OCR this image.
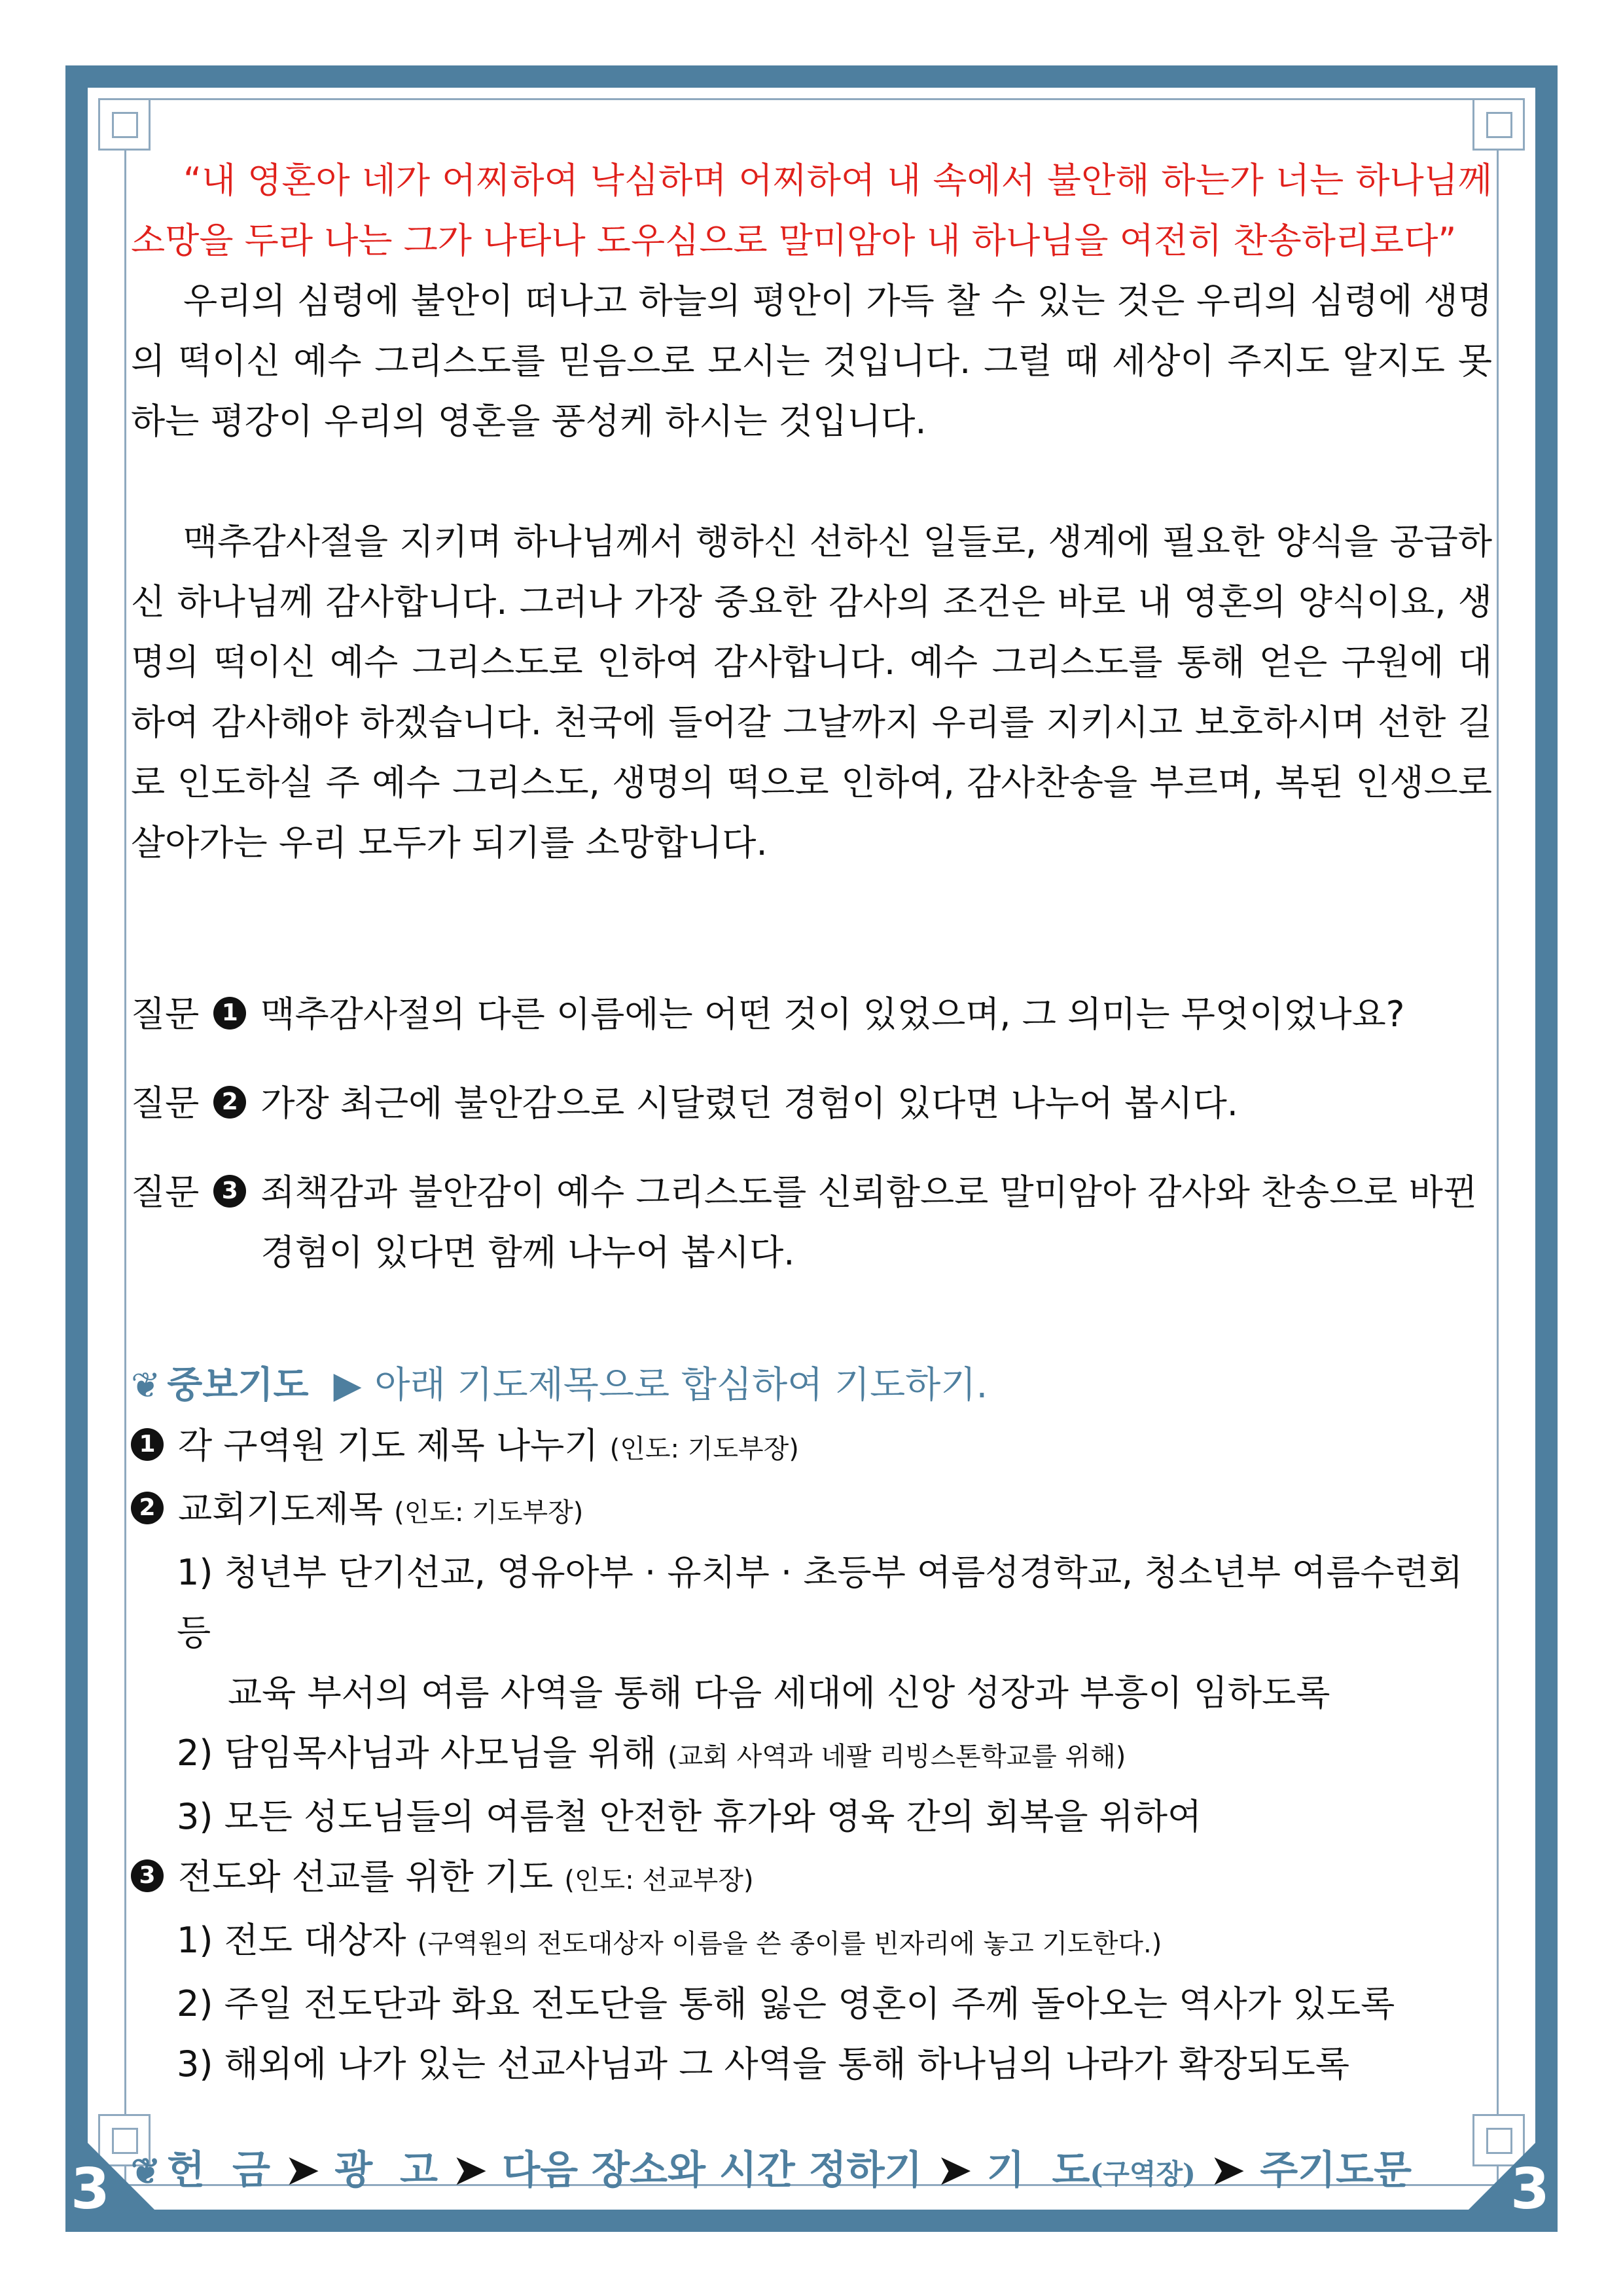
3	3

“내 영혼아 네가 어찌하여 낙심하며 어찌하여 내 속에서 불안해 하는가 너는 하나님께 소망을 두라 나는 그가 나타나 도우심으로 말미암아 내 하나님을 여전히 찬송하리로다”

우리의 심령에 불안이 떠나고 하늘의 평안이 가득 찰 수 있는 것은 우리의 심령에 생명의 떡이신 예수 그리스도를 믿음으로 모시는 것입니다. 그럴 때 세상이 주지도 알지도 못하는 평강이 우리의 영혼을 풍성케 하시는 것입니다.

맥추감사절을 지키며 하나님께서 행하신 선하신 일들로, 생계에 필요한 양식을 공급하신 하나님께 감사합니다. 그러나 가장 중요한 감사의 조건은 바로 내 영혼의 양식이요, 생명의 떡이신 예수 그리스도로 인하여 감사합니다. 예수 그리스도를 통해 얻은 구원에 대하여 감사해야 하겠습니다. 천국에 들어갈 그날까지 우리를 지키시고 보호하시며 선한 길로 인도하실 주 예수 그리스도, 생명의 떡으로 인하여, 감사찬송을 부르며, 복된 인생으로 살아가는 우리 모두가 되기를 소망합니다.

질문 1 맥추감사절의 다른 이름에는 어떤 것이 있었으며, 그 의미는 무엇이었나요?
질문 2 가장 최근에 불안감으로 시달렸던 경험이 있다면 나누어 봅시다.
질문 3 죄책감과 불안감이 예수 그리스도를 신뢰함으로 말미암아 감사와 찬송으로 바뀐 경험이 있다면 함께 나누어 봅시다.
❦ 중보기도 ▶ 아래 기도제목으로 합심하여 기도하기.
1 각 구역원 기도 제목 나누기 (인도: 기도부장)
2 교회기도제목 (인도: 기도부장)
1) 청년부 단기선교, 영유아부 · 유치부 · 초등부 여름성경학교, 청소년부 여름수련회 등
교육 부서의 여름 사역을 통해 다음 세대에 신앙 성장과 부흥이 임하도록
2) 담임목사님과 사모님을 위해 (교회 사역과 네팔 리빙스톤학교를 위해)
3) 모든 성도님들의 여름철 안전한 휴가와 영육 간의 회복을 위하여
3 전도와 선교를 위한 기도 (인도: 선교부장)
1) 전도 대상자 (구역원의 전도대상자 이름을 쓴 종이를 빈자리에 놓고 기도한다.)
2) 주일 전도단과 화요 전도단을 통해 잃은 영혼이 주께 돌아오는 역사가 있도록
3) 해외에 나가 있는 선교사님과 그 사역을 통해 하나님의 나라가 확장되도록
❦ 헌  금 ➤ 광  고 ➤ 다음 장소와 시간 정하기 ➤ 기  도(구역장) ➤ 주기도문
